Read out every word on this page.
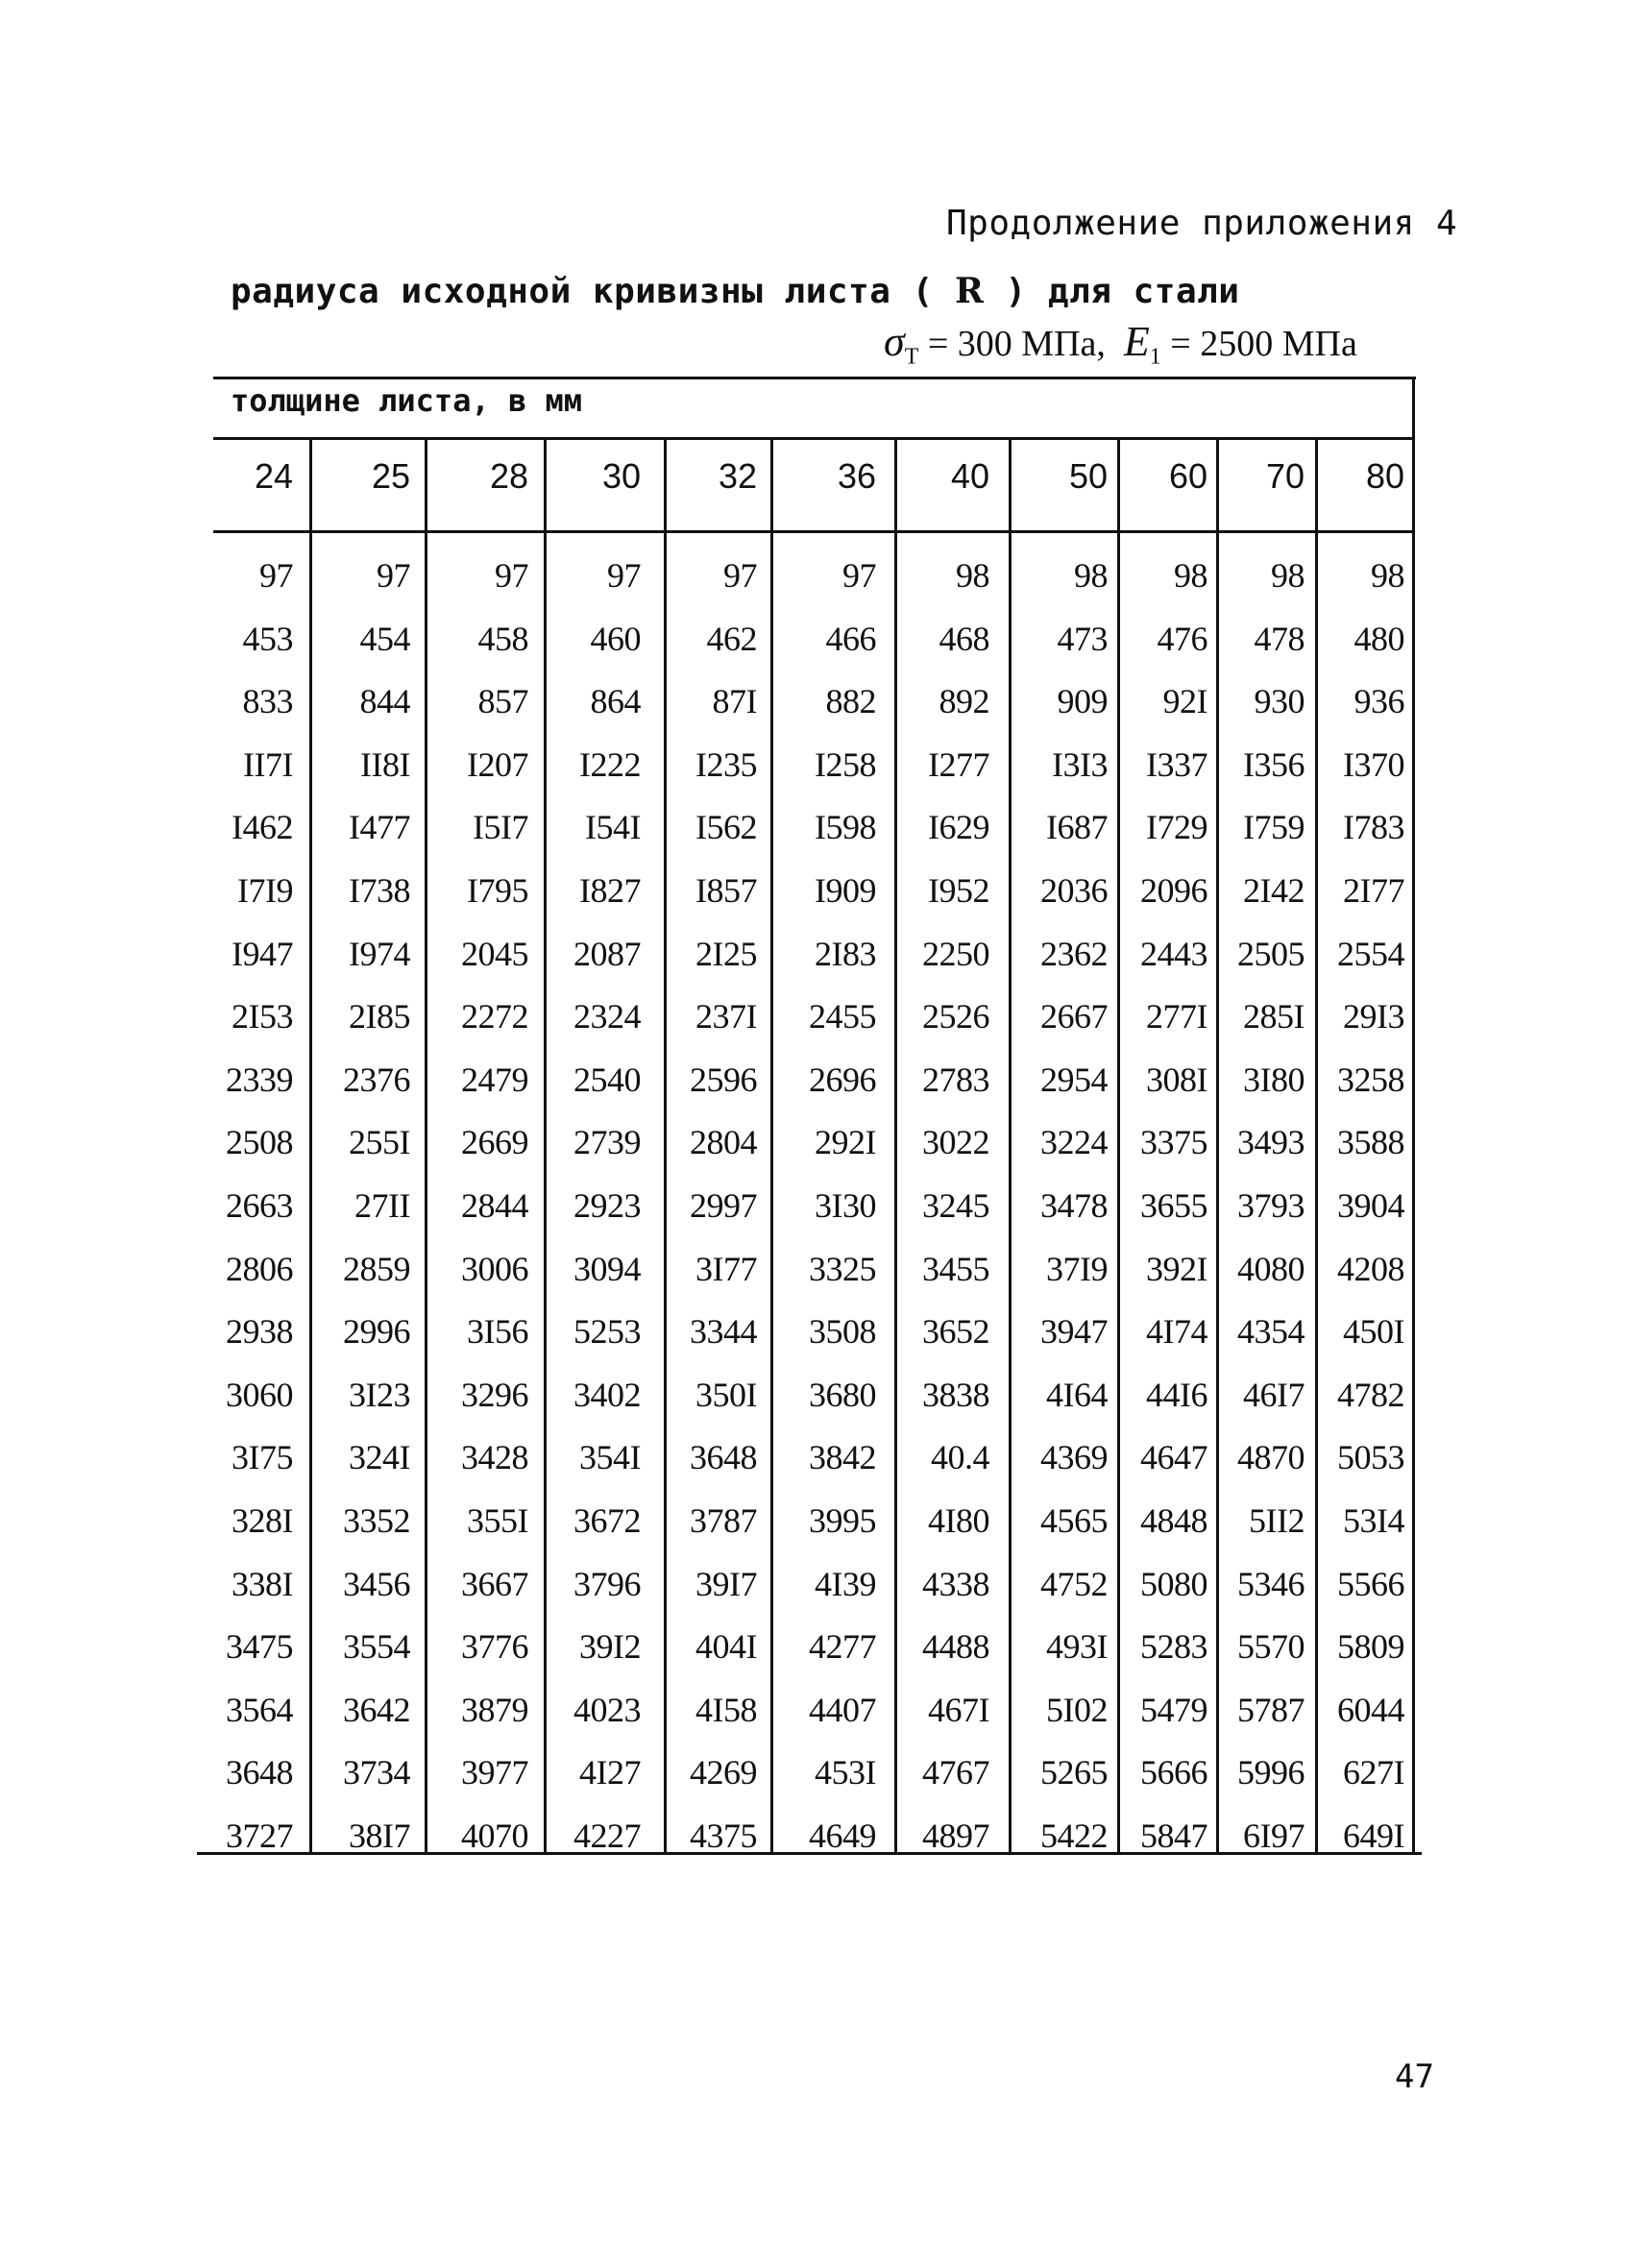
Продолжение приложения 4
радиуса исходной кривизны листа ( R ) для стали
$\sigma_T = 300$ МПа, $E_1 = 2500$ МПа
толщине листа, в мм
24	25	28	30	32	36	40	50	60	70	80
97	97	97	97	97	97	98	98	98	98	98
453	454	458	460	462	466	468	473	476	478	480
833	844	857	864	87I	882	892	909	92I	930	936
II7I	II8I	I207	I222	I235	I258	I277	I3I3	I337	I356	I370
I462	I477	I5I7	I54I	I562	I598	I629	I687	I729	I759	I783
I7I9	I738	I795	I827	I857	I909	I952	2036 2096	2I42	2I77
I947	I974	2045	2087	2I25	2I83	2250	2362 2443 2505 2554
2I53	2I85	2272	2324	237I	2455	2526	2667	277I	285I	29I3
2339	2376	2479	2540	2596	2696	2783	2954	308I	3I80 3258
2508	255I	2669	2739	2804	292I	3022	3224 3375 3493 3588
2663	27II	2844	2923	2997	3I30	3245	3478 3655 3793 3904
2806	2859	3006	3094	3I77	3325	3455	37I9	392I 4080 4208
2938	2996	3I56	5253	3344	3508	3652	3947	4I74 4354	450I
3060	3I23	3296	3402	350I	3680	3838	4I64	44I6	46I7 4782
3I75	324I	3428	354I	3648	3842	40.4	4369 4647 4870 5053
328I	3352	355I	3672	3787	3995	4I80	4565 4848	5II2	53I4
338I	3456	3667	3796	39I7	4I39	4338	4752 5080 5346 5566
3475	3554	3776	39I2	404I	4277	4488	493I 5283 5570 5809
3564	3642	3879	4023	4I58	4407	467I	5I02 5479 5787 6044
3648	3734	3977	4I27	4269	453I	4767	5265 5666 5996	627I
3727	38I7	4070	4227	4375	4649	4897	5422 5847	6I97	649I
47
